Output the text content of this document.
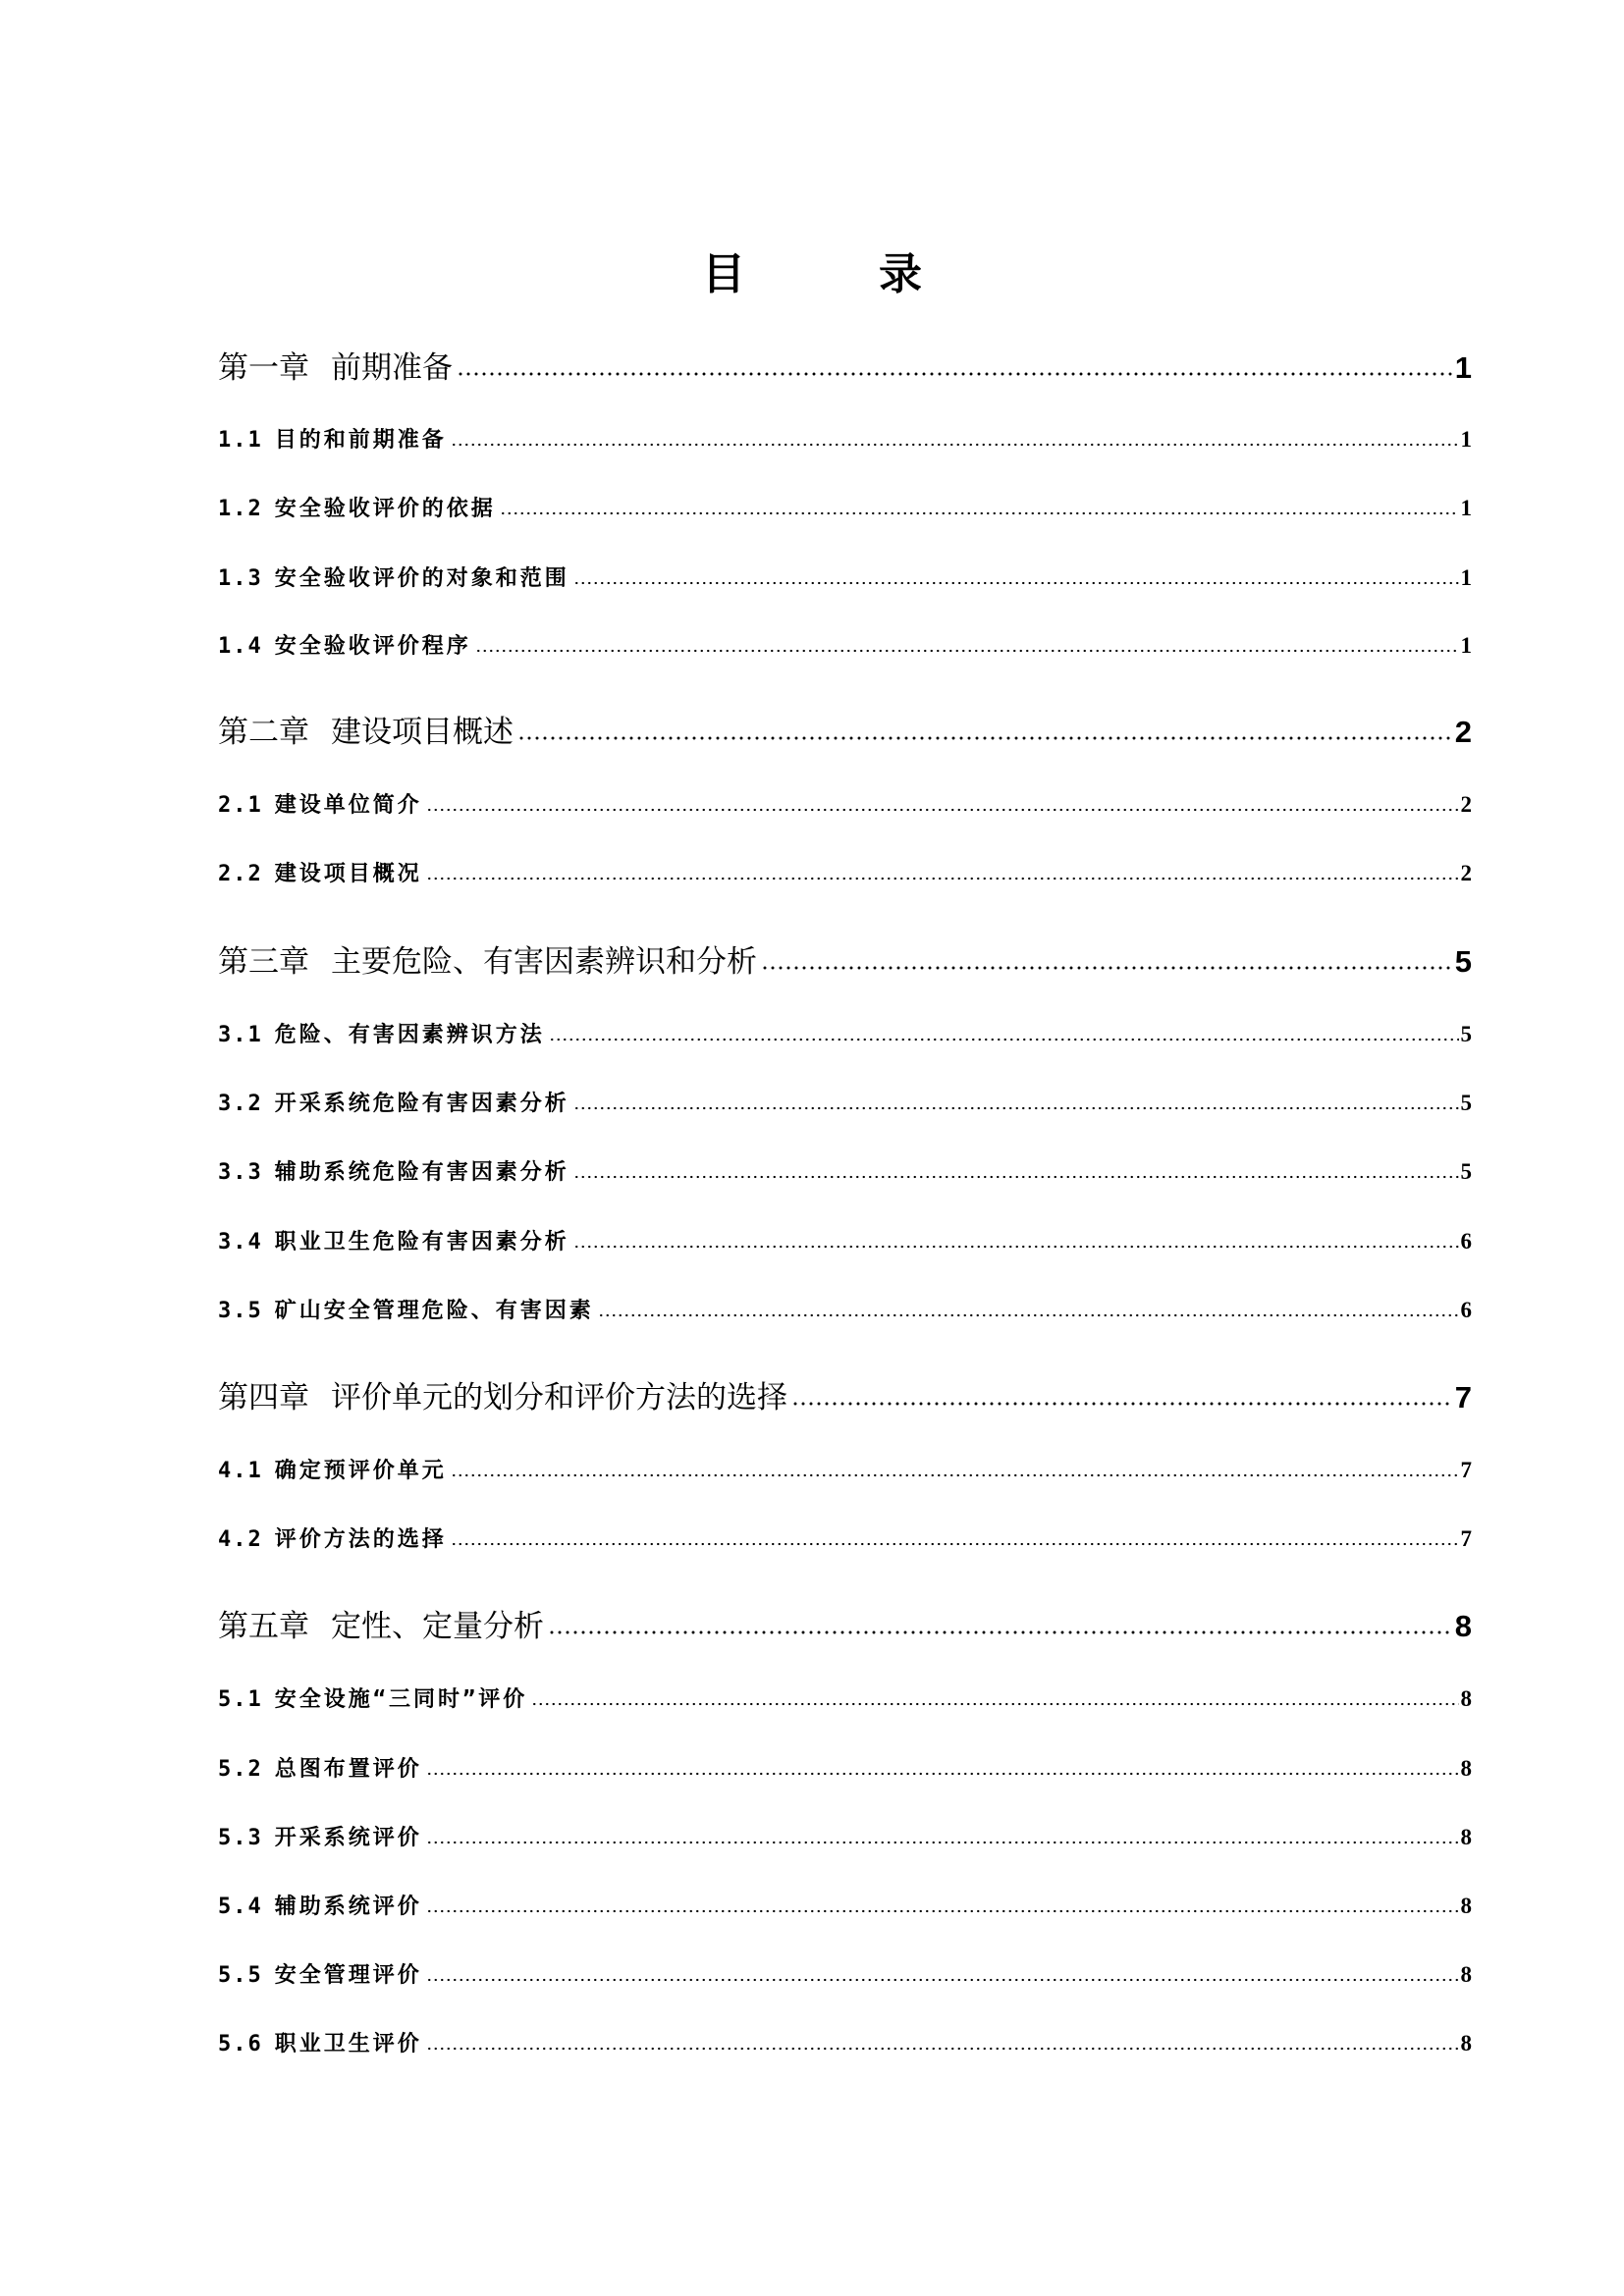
目　录
第一章 前期准备	1
1.1 目的和前期准备	1
1.2 安全验收评价的依据	1
1.3 安全验收评价的对象和范围	1
1.4 安全验收评价程序	1
第二章 建设项目概述	2
2.1 建设单位简介	2
2.2 建设项目概况	2
第三章 主要危险、有害因素辨识和分析	5
3.1 危险、有害因素辨识方法	5
3.2 开采系统危险有害因素分析	5
3.3 辅助系统危险有害因素分析	5
3.4 职业卫生危险有害因素分析	6
3.5 矿山安全管理危险、有害因素	6
第四章 评价单元的划分和评价方法的选择	7
4.1 确定预评价单元	7
4.2 评价方法的选择	7
第五章 定性、定量分析	8
5.1 安全设施“三同时”评价	8
5.2 总图布置评价	8
5.3 开采系统评价	8
5.4 辅助系统评价	8
5.5 安全管理评价	8
5.6 职业卫生评价	8
